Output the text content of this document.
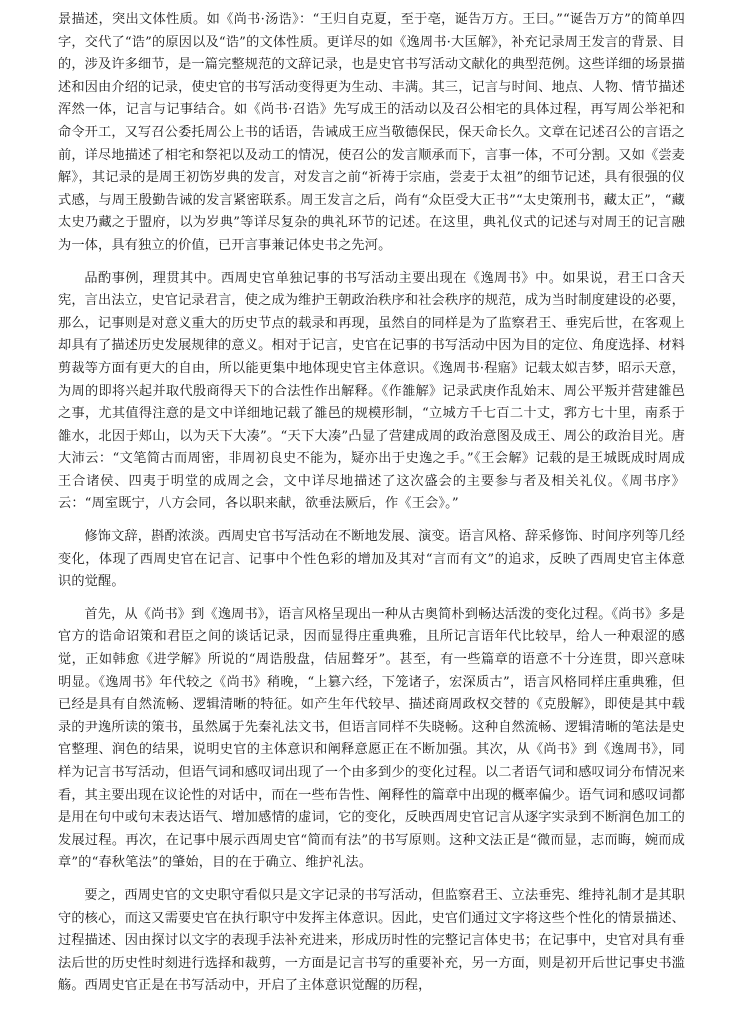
景描述，突出文体性质。如《尚书·汤诰》：“王归自克夏，至于亳，诞告万方。王曰。”“诞告万方”的简单四字，交代了“诰”的原因以及“诰”的文体性质。更详尽的如《逸周书·大匡解》，补充记录周王发言的背景、目的，涉及许多细节，是一篇完整规范的文辞记录，也是史官书写活动文献化的典型范例。这些详细的场景描述和因由介绍的记录，使史官的书写活动变得更为生动、丰满。其三，记言与时间、地点、人物、情节描述浑然一体，记言与记事结合。如《尚书·召诰》先写成王的活动以及召公相宅的具体过程，再写周公举祀和命令开工，又写召公委托周公上书的话语，告诫成王应当敬德保民，保天命长久。文章在记述召公的言语之前，详尽地描述了相宅和祭祀以及动工的情况，使召公的发言顺承而下，言事一体，不可分割。又如《尝麦解》，其记录的是周王初饬岁典的发言，对发言之前“祈祷于宗庙，尝麦于太祖”的细节记述，具有很强的仪式感，与周王殷勤告诫的发言紧密联系。周王发言之后，尚有“众臣受大正书”“太史策刑书，藏太正”，“藏太史乃藏之于盟府，以为岁典”等详尽复杂的典礼环节的记述。在这里，典礼仪式的记述与对周王的记言融为一体，具有独立的价值，已开言事兼记体史书之先河。

品酌事例，理贯其中。西周史官单独记事的书写活动主要出现在《逸周书》中。如果说，君王口含天宪，言出法立，史官记录君言，使之成为维护王朝政治秩序和社会秩序的规范，成为当时制度建设的必要，那么，记事则是对意义重大的历史节点的载录和再现，虽然自的同样是为了监察君王、垂宪后世，在客观上却具有了描述历史发展规律的意义。相对于记言，史官在记事的书写活动中因为目的定位、角度选择、材料剪裁等方面有更大的自由，所以能更集中地体现史官主体意识。《逸周书·程寤》记载太姒吉梦，昭示天意，为周的即将兴起并取代殷商得天下的合法性作出解释。《作雒解》记录武庚作乱始末、周公平叛并营建雒邑之事，尤其值得注意的是文中详细地记载了雒邑的规模形制，“立城方千七百二十丈，郛方七十里，南系于雒水，北因于郏山，以为天下大凑”。“天下大凑”凸显了营建成周的政治意图及成王、周公的政治目光。唐大沛云：“文笔简古而周密，非周初良史不能为，疑亦出于史逸之手。”《王会解》记载的是王城既成时周成王合诸侯、四夷于明堂的成周之会，文中详尽地描述了这次盛会的主要参与者及相关礼仪。《周书序》云：“周室既宁，八方会同，各以职来献，欲垂法厥后，作《王会》。”

修饰文辞，斟酌浓淡。西周史官书写活动在不断地发展、演变。语言风格、辞采修饰、时间序列等几经变化，体现了西周史官在记言、记事中个性色彩的增加及其对“言而有文”的追求，反映了西周史官主体意识的觉醒。

首先，从《尚书》到《逸周书》，语言风格呈现出一种从古奥简朴到畅达活泼的变化过程。《尚书》多是官方的诰命诏策和君臣之间的谈话记录，因而显得庄重典雅，且所记言语年代比较早，给人一种艰涩的感觉，正如韩愈《进学解》所说的“周诰殷盘，佶屈聱牙”。甚至，有一些篇章的语意不十分连贯，即兴意味明显。《逸周书》年代较之《尚书》稍晚，“上篡六经，下笼诸子，宏深质古”，语言风格同样庄重典雅，但已经是具有自然流畅、逻辑清晰的特征。如产生年代较早、描述商周政权交替的《克殷解》，即使是其中载录的尹逸所读的策书，虽然属于先秦礼法文书，但语言同样不失晓畅。这种自然流畅、逻辑清晰的笔法是史官整理、润色的结果，说明史官的主体意识和阐释意愿正在不断加强。其次，从《尚书》到《逸周书》，同样为记言书写活动，但语气词和感叹词出现了一个由多到少的变化过程。以二者语气词和感叹词分布情况来看，其主要出现在议论性的对话中，而在一些布告性、阐释性的篇章中出现的概率偏少。语气词和感叹词都是用在句中或句末表达语气、增加感情的虚词，它的变化，反映西周史官记言从逐字实录到不断润色加工的发展过程。再次，在记事中展示西周史官“简而有法”的书写原则。这种文法正是“微而显，志而晦，婉而成章”的“春秋笔法”的肇始，目的在于确立、维护礼法。

要之，西周史官的文史职守看似只是文字记录的书写活动，但监察君王、立法垂宪、维持礼制才是其职守的核心，而这又需要史官在执行职守中发挥主体意识。因此，史官们通过文字将这些个性化的情景描述、过程描述、因由探讨以文字的表现手法补充进来，形成历时性的完整记言体史书；在记事中，史官对具有垂法后世的历史性时刻进行选择和裁剪，一方面是记言书写的重要补充，另一方面，则是初开后世记事史书滥觞。西周史官正是在书写活动中，开启了主体意识觉醒的历程，
